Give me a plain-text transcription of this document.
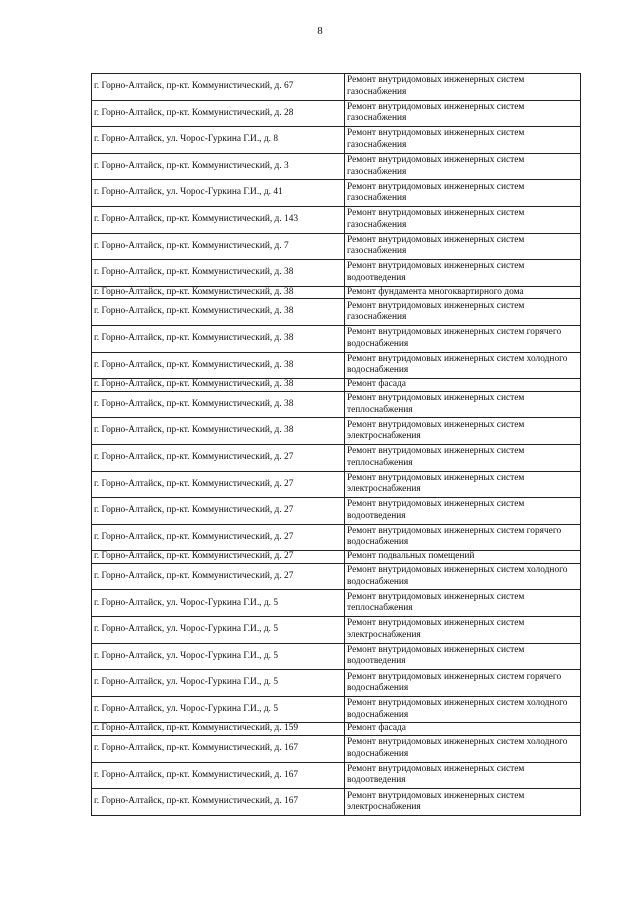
8
г. Горно-Алтайск, пр-кт. Коммунистический, д. 67	Ремонт внутридомовых инженерных систем газоснабжения
г. Горно-Алтайск, пр-кт. Коммунистический, д. 28	Ремонт внутридомовых инженерных систем газоснабжения
г. Горно-Алтайск, ул. Чорос-Гуркина Г.И., д. 8	Ремонт внутридомовых инженерных систем газоснабжения
г. Горно-Алтайск, пр-кт. Коммунистический, д. 3	Ремонт внутридомовых инженерных систем газоснабжения
г. Горно-Алтайск, ул. Чорос-Гуркина Г.И., д. 41	Ремонт внутридомовых инженерных систем газоснабжения
г. Горно-Алтайск, пр-кт. Коммунистический, д. 143	Ремонт внутридомовых инженерных систем газоснабжения
г. Горно-Алтайск, пр-кт. Коммунистический, д. 7	Ремонт внутридомовых инженерных систем газоснабжения
г. Горно-Алтайск, пр-кт. Коммунистический, д. 38	Ремонт внутридомовых инженерных систем водоотведения
г. Горно-Алтайск, пр-кт. Коммунистический, д. 38	Ремонт фундамента многоквартирного дома
г. Горно-Алтайск, пр-кт. Коммунистический, д. 38	Ремонт внутридомовых инженерных систем газоснабжения
г. Горно-Алтайск, пр-кт. Коммунистический, д. 38	Ремонт внутридомовых инженерных систем горячего водоснабжения
г. Горно-Алтайск, пр-кт. Коммунистический, д. 38	Ремонт внутридомовых инженерных систем холодного водоснабжения
г. Горно-Алтайск, пр-кт. Коммунистический, д. 38	Ремонт фасада
г. Горно-Алтайск, пр-кт. Коммунистический, д. 38	Ремонт внутридомовых инженерных систем теплоснабжения
г. Горно-Алтайск, пр-кт. Коммунистический, д. 38	Ремонт внутридомовых инженерных систем электроснабжения
г. Горно-Алтайск, пр-кт. Коммунистический, д. 27	Ремонт внутридомовых инженерных систем теплоснабжения
г. Горно-Алтайск, пр-кт. Коммунистический, д. 27	Ремонт внутридомовых инженерных систем электроснабжения
г. Горно-Алтайск, пр-кт. Коммунистический, д. 27	Ремонт внутридомовых инженерных систем водоотведения
г. Горно-Алтайск, пр-кт. Коммунистический, д. 27	Ремонт внутридомовых инженерных систем горячего водоснабжения
г. Горно-Алтайск, пр-кт. Коммунистический, д. 27	Ремонт подвальных помещений
г. Горно-Алтайск, пр-кт. Коммунистический, д. 27	Ремонт внутридомовых инженерных систем холодного водоснабжения
г. Горно-Алтайск, ул. Чорос-Гуркина Г.И., д. 5	Ремонт внутридомовых инженерных систем теплоснабжения
г. Горно-Алтайск, ул. Чорос-Гуркина Г.И., д. 5	Ремонт внутридомовых инженерных систем электроснабжения
г. Горно-Алтайск, ул. Чорос-Гуркина Г.И., д. 5	Ремонт внутридомовых инженерных систем водоотведения
г. Горно-Алтайск, ул. Чорос-Гуркина Г.И., д. 5	Ремонт внутридомовых инженерных систем горячего водоснабжения
г. Горно-Алтайск, ул. Чорос-Гуркина Г.И., д. 5	Ремонт внутридомовых инженерных систем холодного водоснабжения
г. Горно-Алтайск, пр-кт. Коммунистический, д. 159	Ремонт фасада
г. Горно-Алтайск, пр-кт. Коммунистический, д. 167	Ремонт внутридомовых инженерных систем холодного водоснабжения
г. Горно-Алтайск, пр-кт. Коммунистический, д. 167	Ремонт внутридомовых инженерных систем водоотведения
г. Горно-Алтайск, пр-кт. Коммунистический, д. 167	Ремонт внутридомовых инженерных систем электроснабжения
